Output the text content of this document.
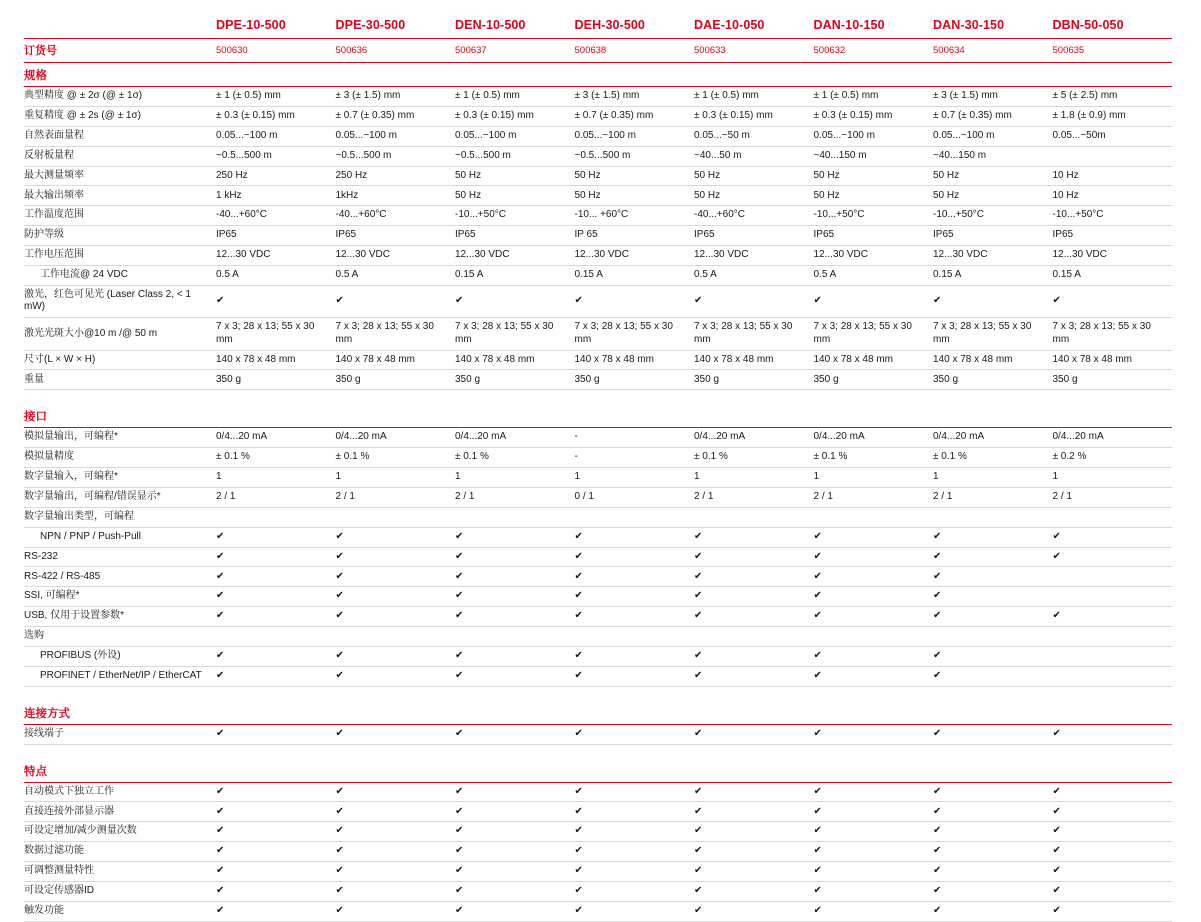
	DPE-10-500	DPE-30-500	DEN-10-500	DEH-30-500	DAE-10-050	DAN-10-150	DAN-30-150	DBN-50-050
订货号	500630	500636	500637	500638	500633	500632	500634	500635
规格								
典型精度 @ ± 2σ (@ ± 1σ)	± 1 (± 0.5) mm	± 3 (± 1.5) mm	± 1 (± 0.5) mm	± 3 (± 1.5) mm	± 1 (± 0.5) mm	± 1 (± 0.5) mm	± 3 (± 1.5) mm	± 5 (± 2.5) mm
重复精度 @ ± 2s (@ ± 1σ)	± 0.3 (± 0.15) mm	± 0.7 (± 0.35) mm	± 0.3 (± 0.15) mm	± 0.7 (± 0.35) mm	± 0.3 (± 0.15) mm	± 0.3 (± 0.15) mm	± 0.7 (± 0.35) mm	± 1.8 (± 0.9) mm
自然表面量程	0.05...~100 m	0.05...~100 m	0.05...~100 m	0.05...~100 m	0.05...~50 m	0.05...~100 m	0.05...~100 m	0.05...~50m
反射板量程	~0.5...500 m	~0.5...500 m	~0.5...500 m	~0.5...500 m	~40...50 m	~40...150 m	~40...150 m	
最大测量频率	250 Hz	250 Hz	50 Hz	50 Hz	50 Hz	50 Hz	50 Hz	10 Hz
最大输出频率	1 kHz	1kHz	50 Hz	50 Hz	50 Hz	50 Hz	50 Hz	10 Hz
工作温度范围	-40...+60°C	-40...+60°C	-10...+50°C	-10... +60°C	-40...+60°C	-10...+50°C	-10...+50°C	-10...+50°C
防护等级	IP65	IP65	IP65	IP 65	IP65	IP65	IP65	IP65
工作电压范围	12...30 VDC	12...30 VDC	12...30 VDC	12...30 VDC	12...30 VDC	12...30 VDC	12...30 VDC	12...30 VDC
工作电流@ 24 VDC	0.5 A	0.5 A	0.15 A	0.15 A	0.5 A	0.5 A	0.15 A	0.15 A
激光，红色可见光 (Laser Class 2, < 1 mW)	✔	✔	✔	✔	✔	✔	✔	✔
激光光斑大小@10 m /@ 50 m	7 x 3; 28 x 13; 55 x 30 mm	7 x 3; 28 x 13; 55 x 30 mm	7 x 3; 28 x 13; 55 x 30 mm	7 x 3; 28 x 13; 55 x 30 mm	7 x 3; 28 x 13; 55 x 30 mm	7 x 3; 28 x 13; 55 x 30 mm	7 x 3; 28 x 13; 55 x 30 mm	7 x 3; 28 x 13; 55 x 30 mm
尺寸(L × W × H)	140 x 78 x 48 mm	140 x 78 x 48 mm	140 x 78 x 48 mm	140 x 78 x 48 mm	140 x 78 x 48 mm	140 x 78 x 48 mm	140 x 78 x 48 mm	140 x 78 x 48 mm
重量	350 g	350 g	350 g	350 g	350 g	350 g	350 g	350 g

接口								
模拟量输出，可编程*	0/4...20 mA	0/4...20 mA	0/4...20 mA	-	0/4...20 mA	0/4...20 mA	0/4...20 mA	0/4...20 mA
模拟量精度	± 0.1 %	± 0.1 %	± 0.1 %	-	± 0.1 %	± 0.1 %	± 0.1 %	± 0.2 %
数字量输入，可编程*	1	1	1	1	1	1	1	1
数字量输出，可编程/错误显示*	2 / 1	2 / 1	2 / 1	0 / 1	2 / 1	2 / 1	2 / 1	2 / 1
数字量输出类型，可编程								
NPN / PNP / Push-Pull	✔	✔	✔	✔	✔	✔	✔	✔
RS-232	✔	✔	✔	✔	✔	✔	✔	✔
RS-422 / RS-485	✔	✔	✔	✔	✔	✔	✔	
SSI, 可编程*	✔	✔	✔	✔	✔	✔	✔	
USB, 仅用于设置参数*	✔	✔	✔	✔	✔	✔	✔	✔
选购								
PROFIBUS (外设)	✔	✔	✔	✔	✔	✔	✔	
PROFINET / EtherNet/IP / EtherCAT	✔	✔	✔	✔	✔	✔	✔	

连接方式								
接线端子	✔	✔	✔	✔	✔	✔	✔	✔

特点								
自动模式下独立工作	✔	✔	✔	✔	✔	✔	✔	✔
直接连接外部显示器	✔	✔	✔	✔	✔	✔	✔	✔
可设定增加/减少测量次数	✔	✔	✔	✔	✔	✔	✔	✔
数据过滤功能	✔	✔	✔	✔	✔	✔	✔	✔
可调整测量特性	✔	✔	✔	✔	✔	✔	✔	✔
可设定传感器ID	✔	✔	✔	✔	✔	✔	✔	✔
触发功能	✔	✔	✔	✔	✔	✔	✔	✔
